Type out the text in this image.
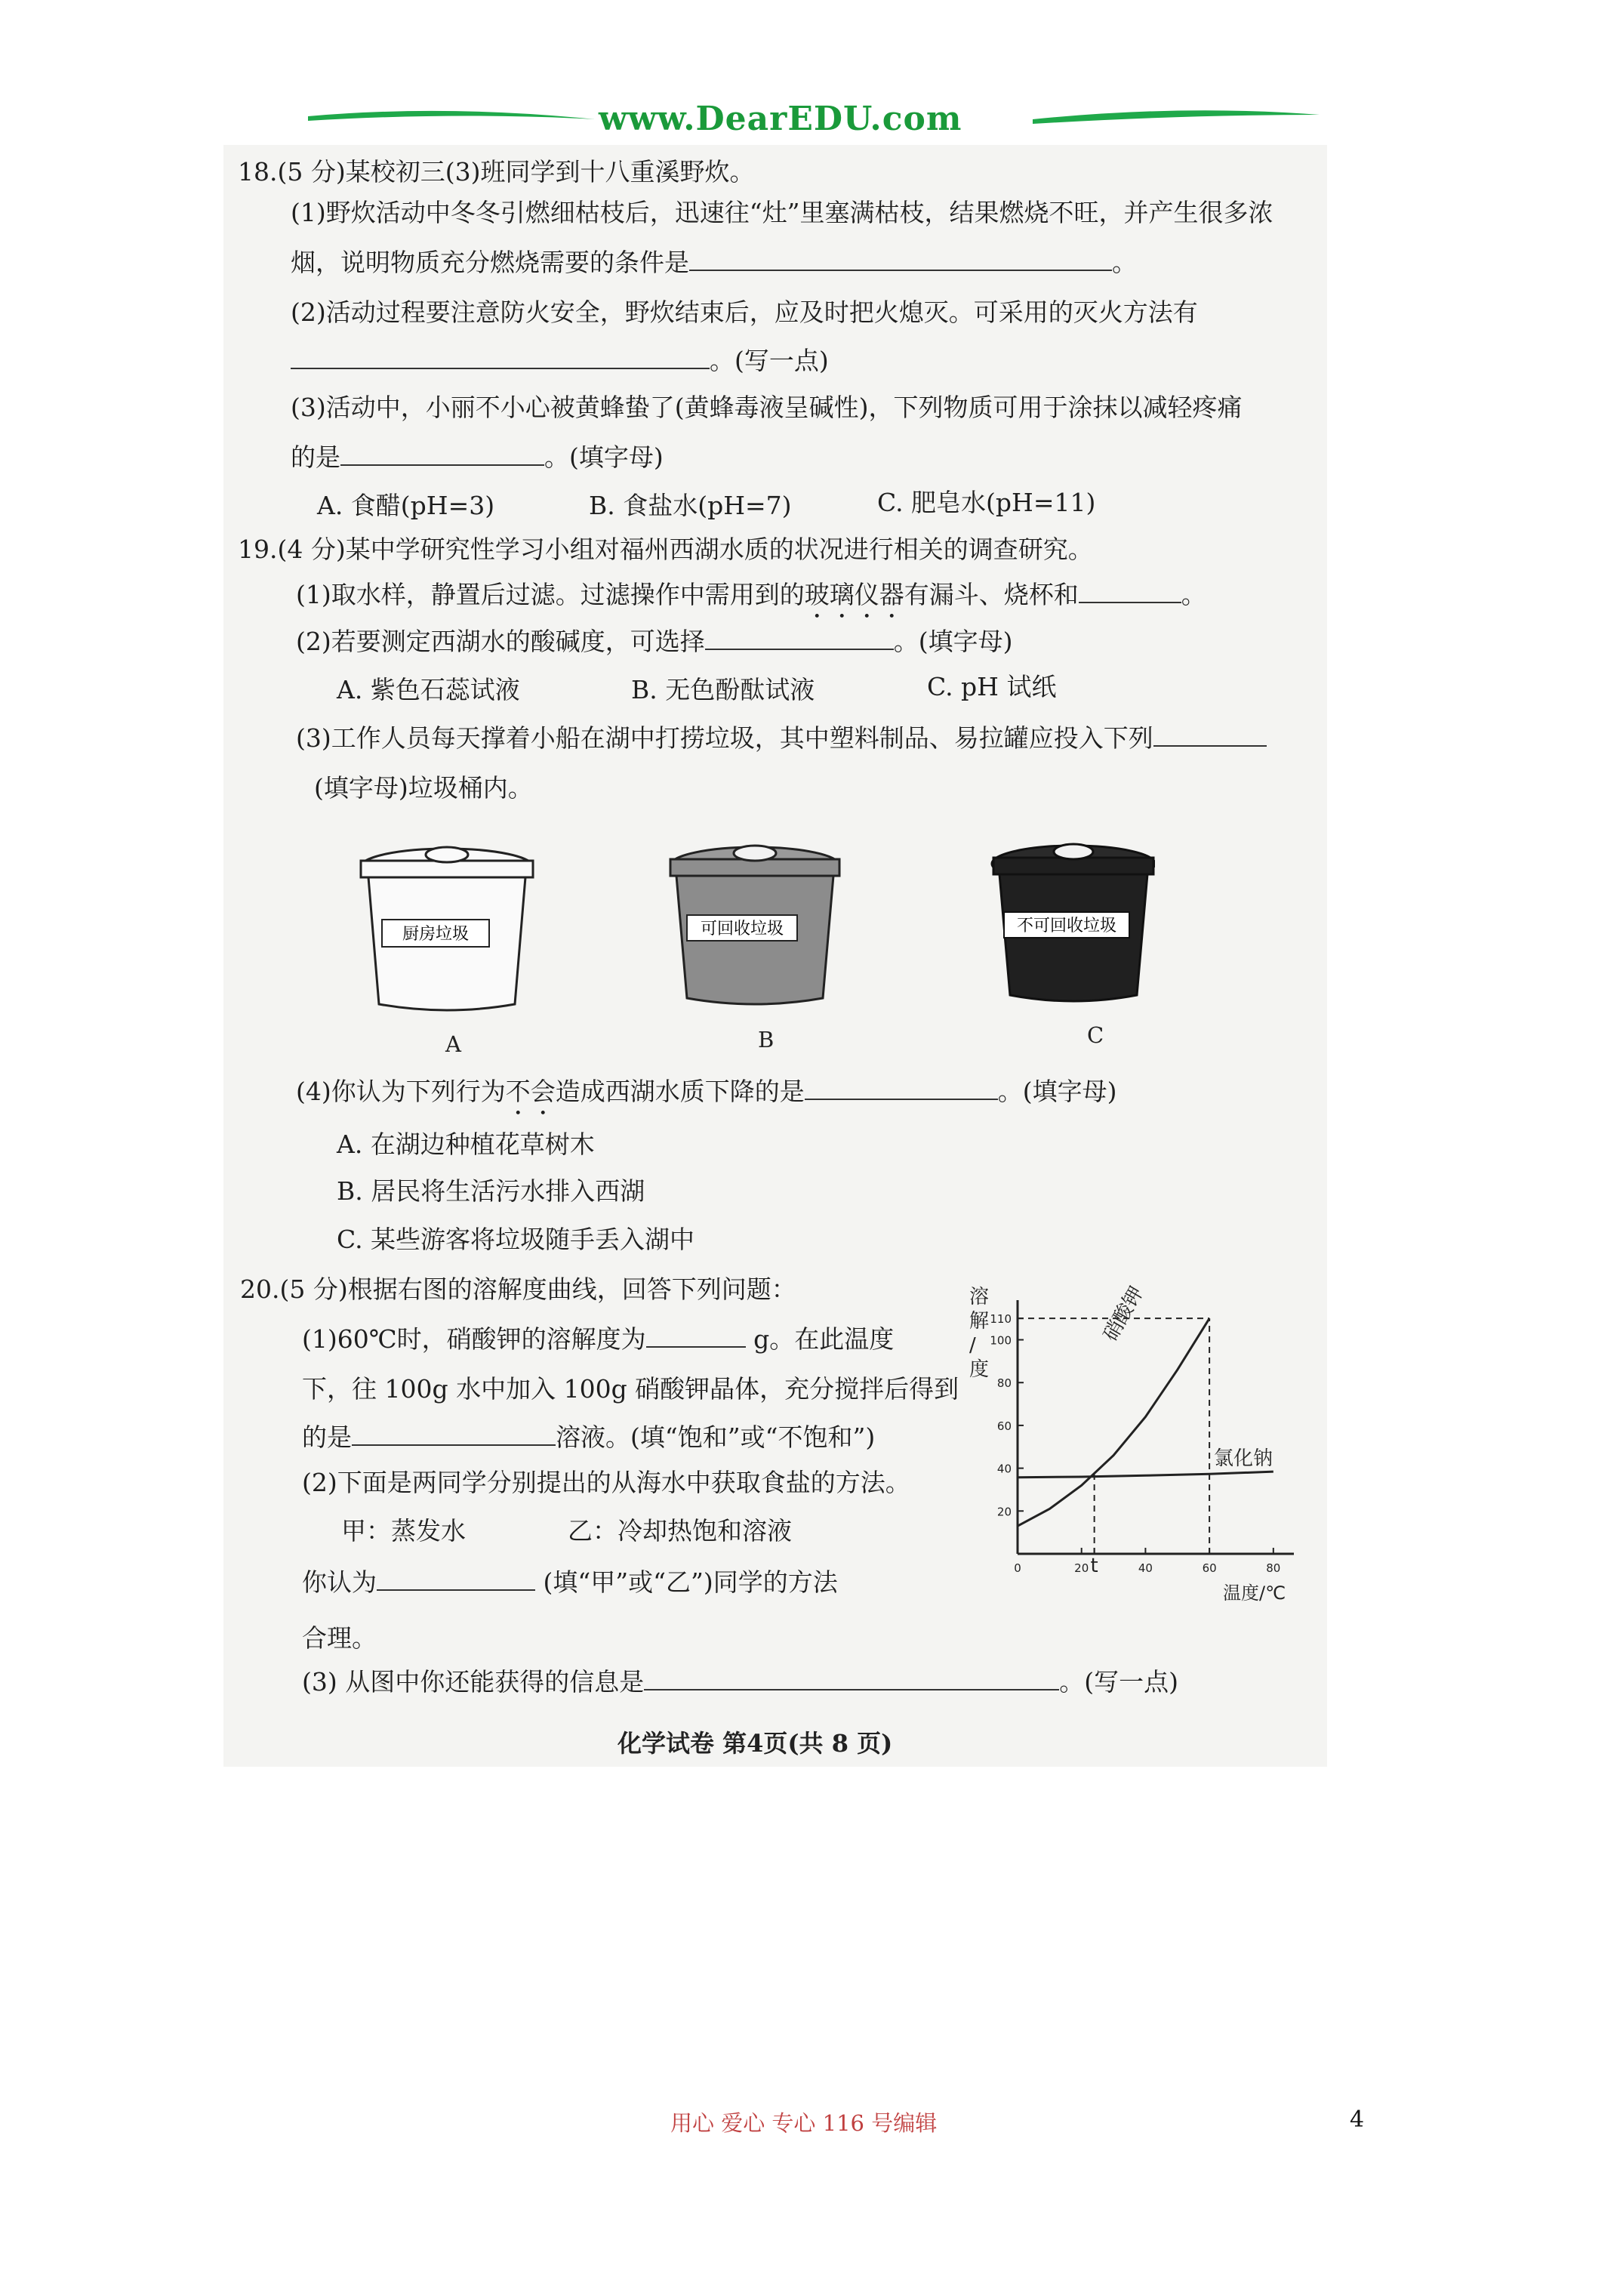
www.DearEDU.com
18.(5 分)某校初三(3)班同学到十八重溪野炊。
(1)野炊活动中冬冬引燃细枯枝后，迅速往“灶”里塞满枯枝，结果燃烧不旺，并产生很多浓
烟，说明物质充分燃烧需要的条件是	。
(2)活动过程要注意防火安全，野炊结束后，应及时把火熄灭。可采用的灭火方法有
。(写一点)
(3)活动中，小丽不小心被黄蜂蛰了(黄蜂毒液呈碱性)，下列物质可用于涂抹以减轻疼痛
的是	。(填字母)
A. 食醋(pH=3)	B. 食盐水(pH=7)	C. 肥皂水(pH=11)
19.(4 分)某中学研究性学习小组对福州西湖水质的状况进行相关的调查研究。
(1)取水样，静置后过滤。过滤操作中需用到的玻璃仪器有漏斗、烧杯和	。
(2)若要测定西湖水的酸碱度，可选择	。(填字母)
A. 紫色石蕊试液	B. 无色酚酞试液	C. pH 试纸
(3)工作人员每天撑着小船在湖中打捞垃圾，其中塑料制品、易拉罐应投入下列
(填字母)垃圾桶内。
厨房垃圾	可回收垃圾	不可回收垃圾
A	B	C
(4)你认为下列行为不会造成西湖水质下降的是	。(填字母)
A. 在湖边种植花草树木
B. 居民将生活污水排入西湖
C. 某些游客将垃圾随手丢入湖中
20.(5 分)根据右图的溶解度曲线，回答下列问题：
(1)60℃时，硝酸钾的溶解度为	g。在此温度
下，往 100g 水中加入 100g 硝酸钾晶体，充分搅拌后得到
的是	溶液。(填“饱和”或“不饱和”)
(2)下面是两同学分别提出的从海水中获取食盐的方法。
甲：蒸发水	乙：冷却热饱和溶液
你认为	(填“甲”或“乙”)同学的方法
合理。
(3) 从图中你还能获得的信息是	。(写一点)
20
40
60
80
100
110
0	20 t	40	60	80
溶
解
/
度
温度/℃
硝酸钾
氯化钠
化学试卷 第4页(共 8 页)
用心 爱心 专心 116 号编辑	4
